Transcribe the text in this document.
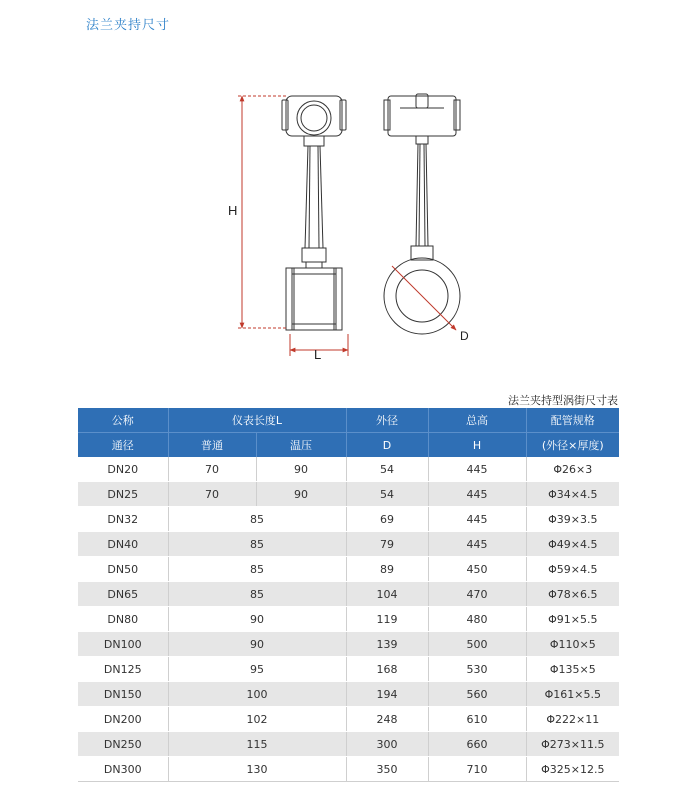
法兰夹持尺寸
H
L
D
法兰夹持型涡街尺寸表
公称	仪表长度L		外径	总高	配管规格
通径	普通	温压	D	H	(外径×厚度)
DN20	70	90	54	445	Φ26×3
DN25	70	90	54	445	Φ34×4.5
DN32	85		69	445	Φ39×3.5
DN40	85		79	445	Φ49×4.5
DN50	85		89	450	Φ59×4.5
DN65	85		104	470	Φ78×6.5
DN80	90		119	480	Φ91×5.5
DN100	90		139	500	Φ110×5
DN125	95		168	530	Φ135×5
DN150	100		194	560	Φ161×5.5
DN200	102		248	610	Φ222×11
DN250	115		300	660	Φ273×11.5
DN300	130		350	710	Φ325×12.5
